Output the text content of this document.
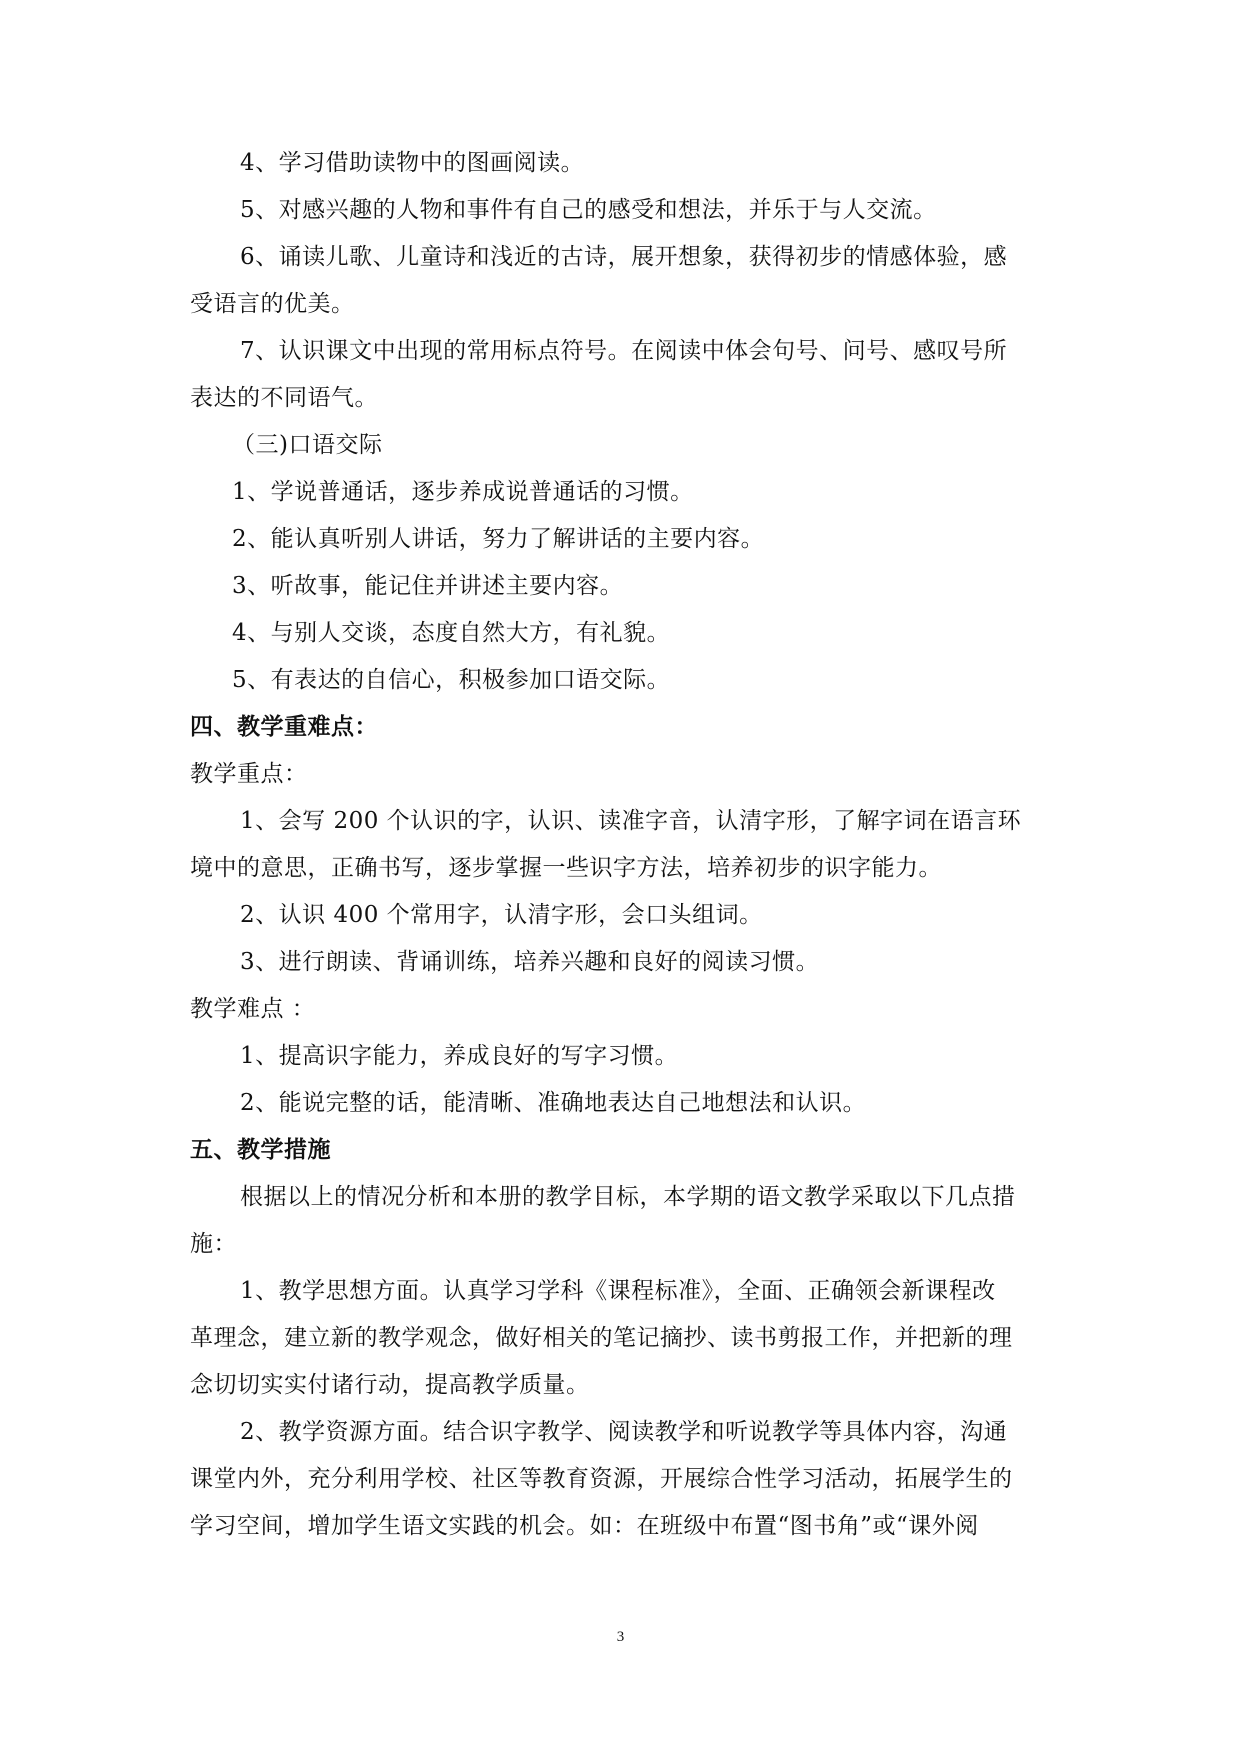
4、学习借助读物中的图画阅读。
5、对感兴趣的人物和事件有自己的感受和想法，并乐于与人交流。
6、诵读儿歌、儿童诗和浅近的古诗，展开想象，获得初步的情感体验，感
受语言的优美。
7、认识课文中出现的常用标点符号。在阅读中体会句号、问号、感叹号所
表达的不同语气。
（三)口语交际
1、学说普通话，逐步养成说普通话的习惯。
2、能认真听别人讲话，努力了解讲话的主要内容。
3、听故事，能记住并讲述主要内容。
4、与别人交谈，态度自然大方，有礼貌。
5、有表达的自信心，积极参加口语交际。
四、教学重难点：
教学重点：
1、会写 200 个认识的字，认识、读准字音，认清字形，了解字词在语言环
境中的意思，正确书写，逐步掌握一些识字方法，培养初步的识字能力。
2、认识 400 个常用字，认清字形，会口头组词。
3、进行朗读、背诵训练，培养兴趣和良好的阅读习惯。
教学难点 ：
1、提高识字能力，养成良好的写字习惯。
2、能说完整的话，能清晰、准确地表达自己地想法和认识。
五、教学措施
根据以上的情况分析和本册的教学目标，本学期的语文教学采取以下几点措
施：
1、教学思想方面。认真学习学科《课程标准》，全面、正确领会新课程改
革理念，建立新的教学观念，做好相关的笔记摘抄、读书剪报工作，并把新的理
念切切实实付诸行动，提高教学质量。
2、教学资源方面。结合识字教学、阅读教学和听说教学等具体内容，沟通
课堂内外，充分利用学校、社区等教育资源，开展综合性学习活动，拓展学生的
学习空间，增加学生语文实践的机会。如：在班级中布置“图书角”或“课外阅
3
